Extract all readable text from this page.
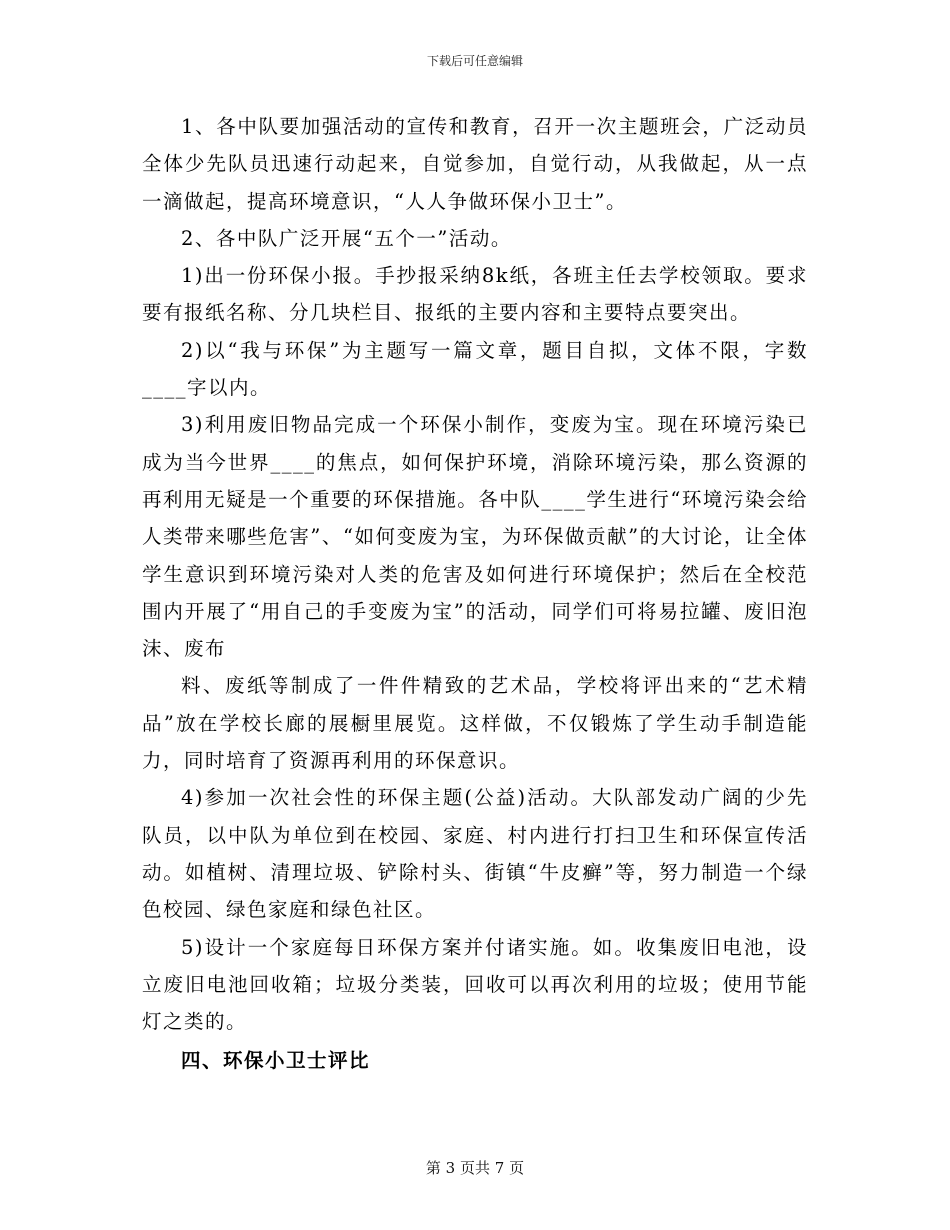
下载后可任意编辑

1、各中队要加强活动的宣传和教育，召开一次主题班会，广泛动员全体少先队员迅速行动起来，自觉参加，自觉行动，从我做起，从一点一滴做起，提高环境意识，“人人争做环保小卫士”。

2、各中队广泛开展“五个一”活动。

1)出一份环保小报。手抄报采纳8k纸，各班主任去学校领取。要求要有报纸名称、分几块栏目、报纸的主要内容和主要特点要突出。

2)以“我与环保”为主题写一篇文章，题目自拟，文体不限，字数____字以内。

3)利用废旧物品完成一个环保小制作，变废为宝。现在环境污染已成为当今世界____的焦点，如何保护环境，消除环境污染，那么资源的再利用无疑是一个重要的环保措施。各中队____学生进行“环境污染会给人类带来哪些危害”、“如何变废为宝，为环保做贡献”的大讨论，让全体学生意识到环境污染对人类的危害及如何进行环境保护；然后在全校范围内开展了“用自己的手变废为宝”的活动，同学们可将易拉罐、废旧泡沫、废布

料、废纸等制成了一件件精致的艺术品，学校将评出来的“艺术精品”放在学校长廊的展橱里展览。这样做，不仅锻炼了学生动手制造能力，同时培育了资源再利用的环保意识。

4)参加一次社会性的环保主题(公益)活动。大队部发动广阔的少先队员，以中队为单位到在校园、家庭、村内进行打扫卫生和环保宣传活动。如植树、清理垃圾、铲除村头、街镇“牛皮癣”等，努力制造一个绿色校园、绿色家庭和绿色社区。

5)设计一个家庭每日环保方案并付诸实施。如。收集废旧电池，设立废旧电池回收箱；垃圾分类装，回收可以再次利用的垃圾；使用节能灯之类的。

四、环保小卫士评比

第 3 页共 7 页
